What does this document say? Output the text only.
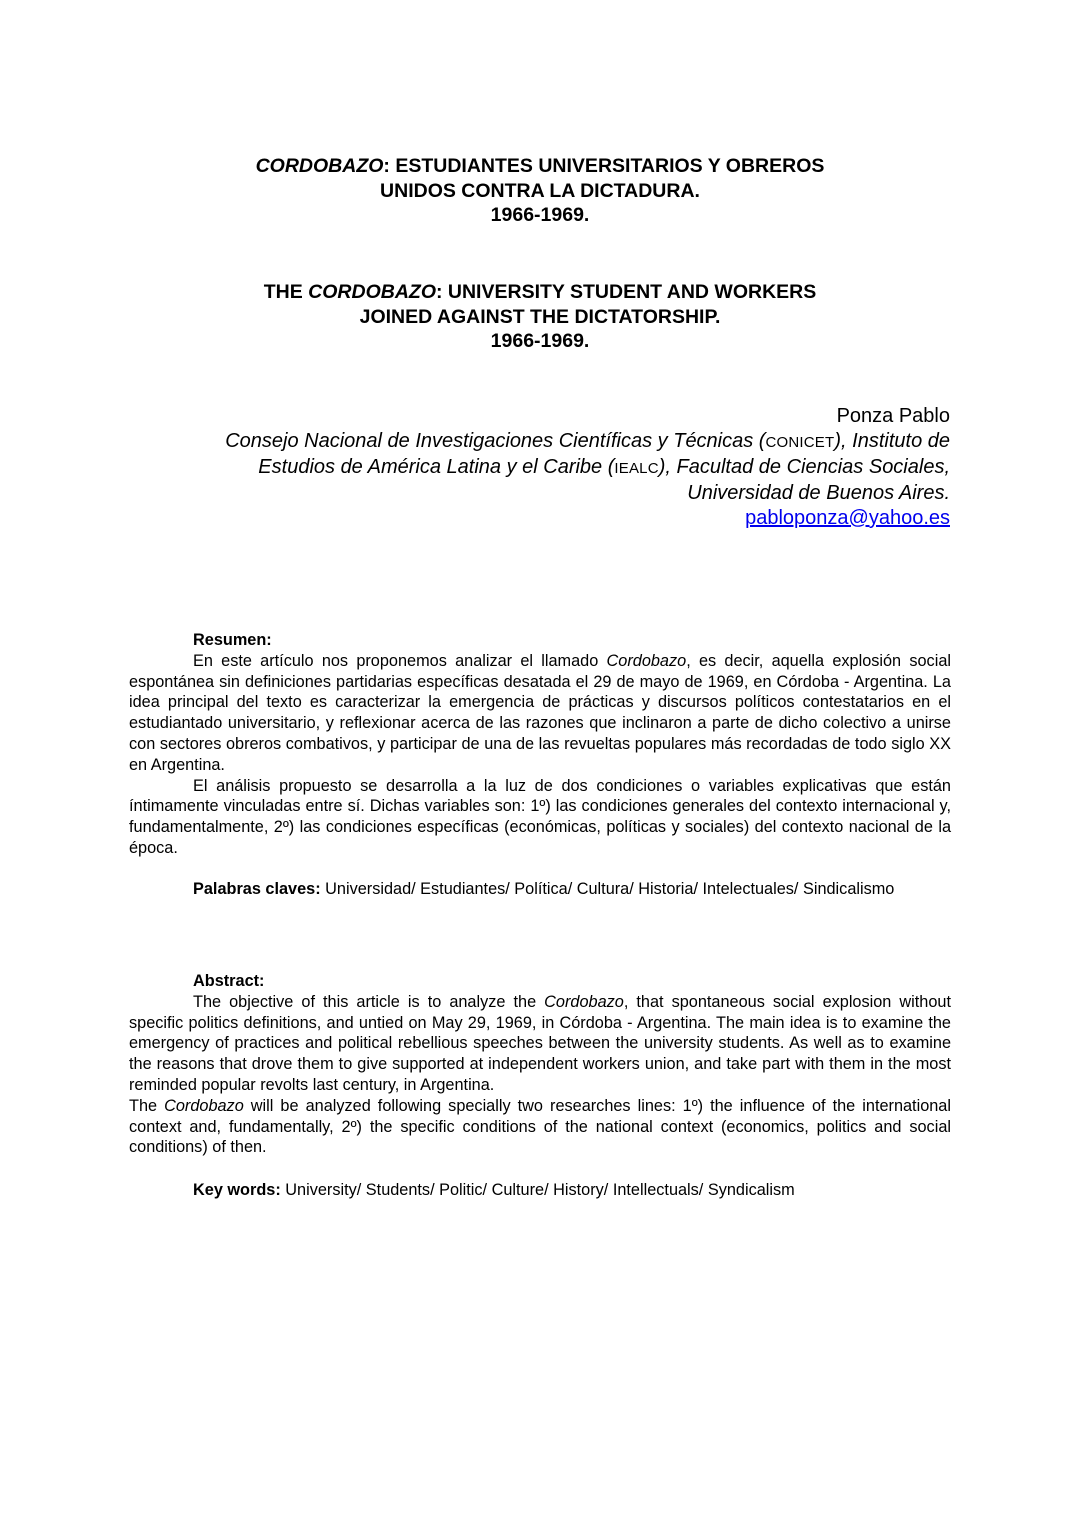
CORDOBAZO: ESTUDIANTES UNIVERSITARIOS Y OBREROS
UNIDOS CONTRA LA DICTADURA.
1966-1969.
THE CORDOBAZO: UNIVERSITY STUDENT AND WORKERS
JOINED AGAINST THE DICTATORSHIP.
1966-1969.
Ponza Pablo
Consejo Nacional de Investigaciones Científicas y Técnicas (CONICET), Instituto de
Estudios de América Latina y el Caribe (IEALC), Facultad de Ciencias Sociales,
Universidad de Buenos Aires.
pabloponza@yahoo.es
Resumen:

En este artículo nos proponemos analizar el llamado Cordobazo, es decir, aquella explosión social espontánea sin definiciones partidarias específicas desatada el 29 de mayo de 1969, en Córdoba - Argentina. La idea principal del texto es caracterizar la emergencia de prácticas y discursos políticos contestatarios en el estudiantado universitario, y reflexionar acerca de las razones que inclinaron a parte de dicho colectivo a unirse con sectores obreros combativos, y participar de una de las revueltas populares más recordadas de todo siglo XX en Argentina.

El análisis propuesto se desarrolla a la luz de dos condiciones o variables explicativas que están íntimamente vinculadas entre sí. Dichas variables son: 1º) las condiciones generales del contexto internacional y, fundamentalmente, 2º) las condiciones específicas (económicas, políticas y sociales) del contexto nacional de la época.

Palabras claves: Universidad/ Estudiantes/ Política/ Cultura/ Historia/ Intelectuales/ Sindicalismo

Abstract:

The objective of this article is to analyze the Cordobazo, that spontaneous social explosion without specific politics definitions, and untied on May 29, 1969, in Córdoba - Argentina. The main idea is to examine the emergency of practices and political rebellious speeches between the university students. As well as to examine the reasons that drove them to give supported at independent workers union, and take part with them in the most reminded popular revolts last century, in Argentina.

The Cordobazo will be analyzed following specially two researches lines: 1º) the influence of the international context and, fundamentally, 2º) the specific conditions of the national context (economics, politics and social conditions) of then.

Key words: University/ Students/ Politic/ Culture/ History/ Intellectuals/ Syndicalism
